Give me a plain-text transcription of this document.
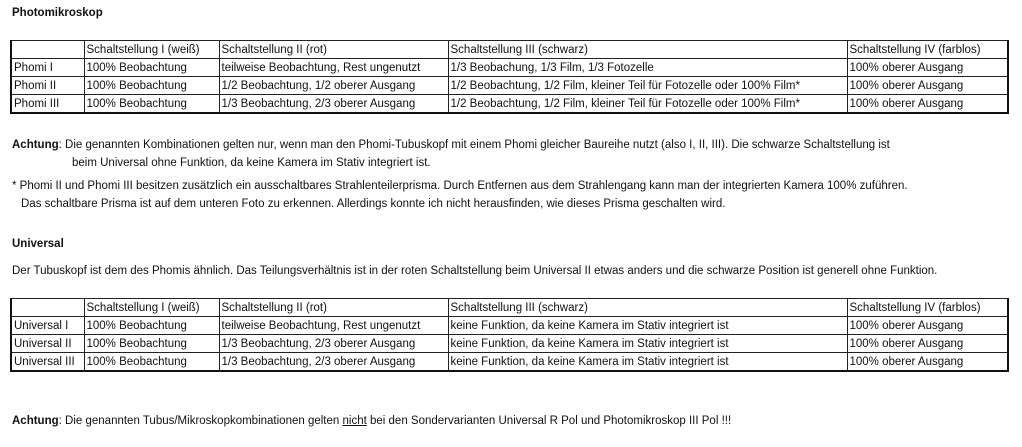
Photomikroskop
	Schaltstellung I (weiß)	Schaltstellung II (rot)	Schaltstellung III (schwarz)	Schaltstellung IV (farblos)
Phomi I	100% Beobachtung	teilweise Beobachtung, Rest ungenutzt	1/3 Beobachung, 1/3 Film, 1/3 Fotozelle	100% oberer Ausgang
Phomi II	100% Beobachtung	1/2 Beobachtung, 1/2 oberer Ausgang	1/2 Beobachtung, 1/2 Film, kleiner Teil für Fotozelle oder 100% Film*	100% oberer Ausgang
Phomi III	100% Beobachtung	1/3 Beobachtung, 2/3 oberer Ausgang	1/2 Beobachtung, 1/2 Film, kleiner Teil für Fotozelle oder 100% Film*	100% oberer Ausgang
Achtung: Die genannten Kombinationen gelten nur, wenn man den Phomi-Tubuskopf mit einem Phomi gleicher Baureihe nutzt (also I, II, III). Die schwarze Schaltstellung ist
beim Universal ohne Funktion, da keine Kamera im Stativ integriert ist.
* Phomi II und Phomi III besitzen zusätzlich ein ausschaltbares Strahlenteilerprisma. Durch Entfernen aus dem Strahlengang kann man der integrierten Kamera 100% zuführen.
Das schaltbare Prisma ist auf dem unteren Foto zu erkennen. Allerdings konnte ich nicht herausfinden, wie dieses Prisma geschalten wird.
Universal
Der Tubuskopf ist dem des Phomis ähnlich. Das Teilungsverhältnis ist in der roten Schaltstellung beim Universal II etwas anders und die schwarze Position ist generell ohne Funktion.
	Schaltstellung I (weiß)	Schaltstellung II (rot)	Schaltstellung III (schwarz)	Schaltstellung IV (farblos)
Universal I	100% Beobachtung	teilweise Beobachtung, Rest ungenutzt	keine Funktion, da keine Kamera im Stativ integriert ist	100% oberer Ausgang
Universal II	100% Beobachtung	1/3 Beobachtung, 2/3 oberer Ausgang	keine Funktion, da keine Kamera im Stativ integriert ist	100% oberer Ausgang
Universal III	100% Beobachtung	1/3 Beobachtung, 2/3 oberer Ausgang	keine Funktion, da keine Kamera im Stativ integriert ist	100% oberer Ausgang
Achtung: Die genannten Tubus/Mikroskopkombinationen gelten nicht bei den Sondervarianten Universal R Pol und Photomikroskop III Pol !!!
